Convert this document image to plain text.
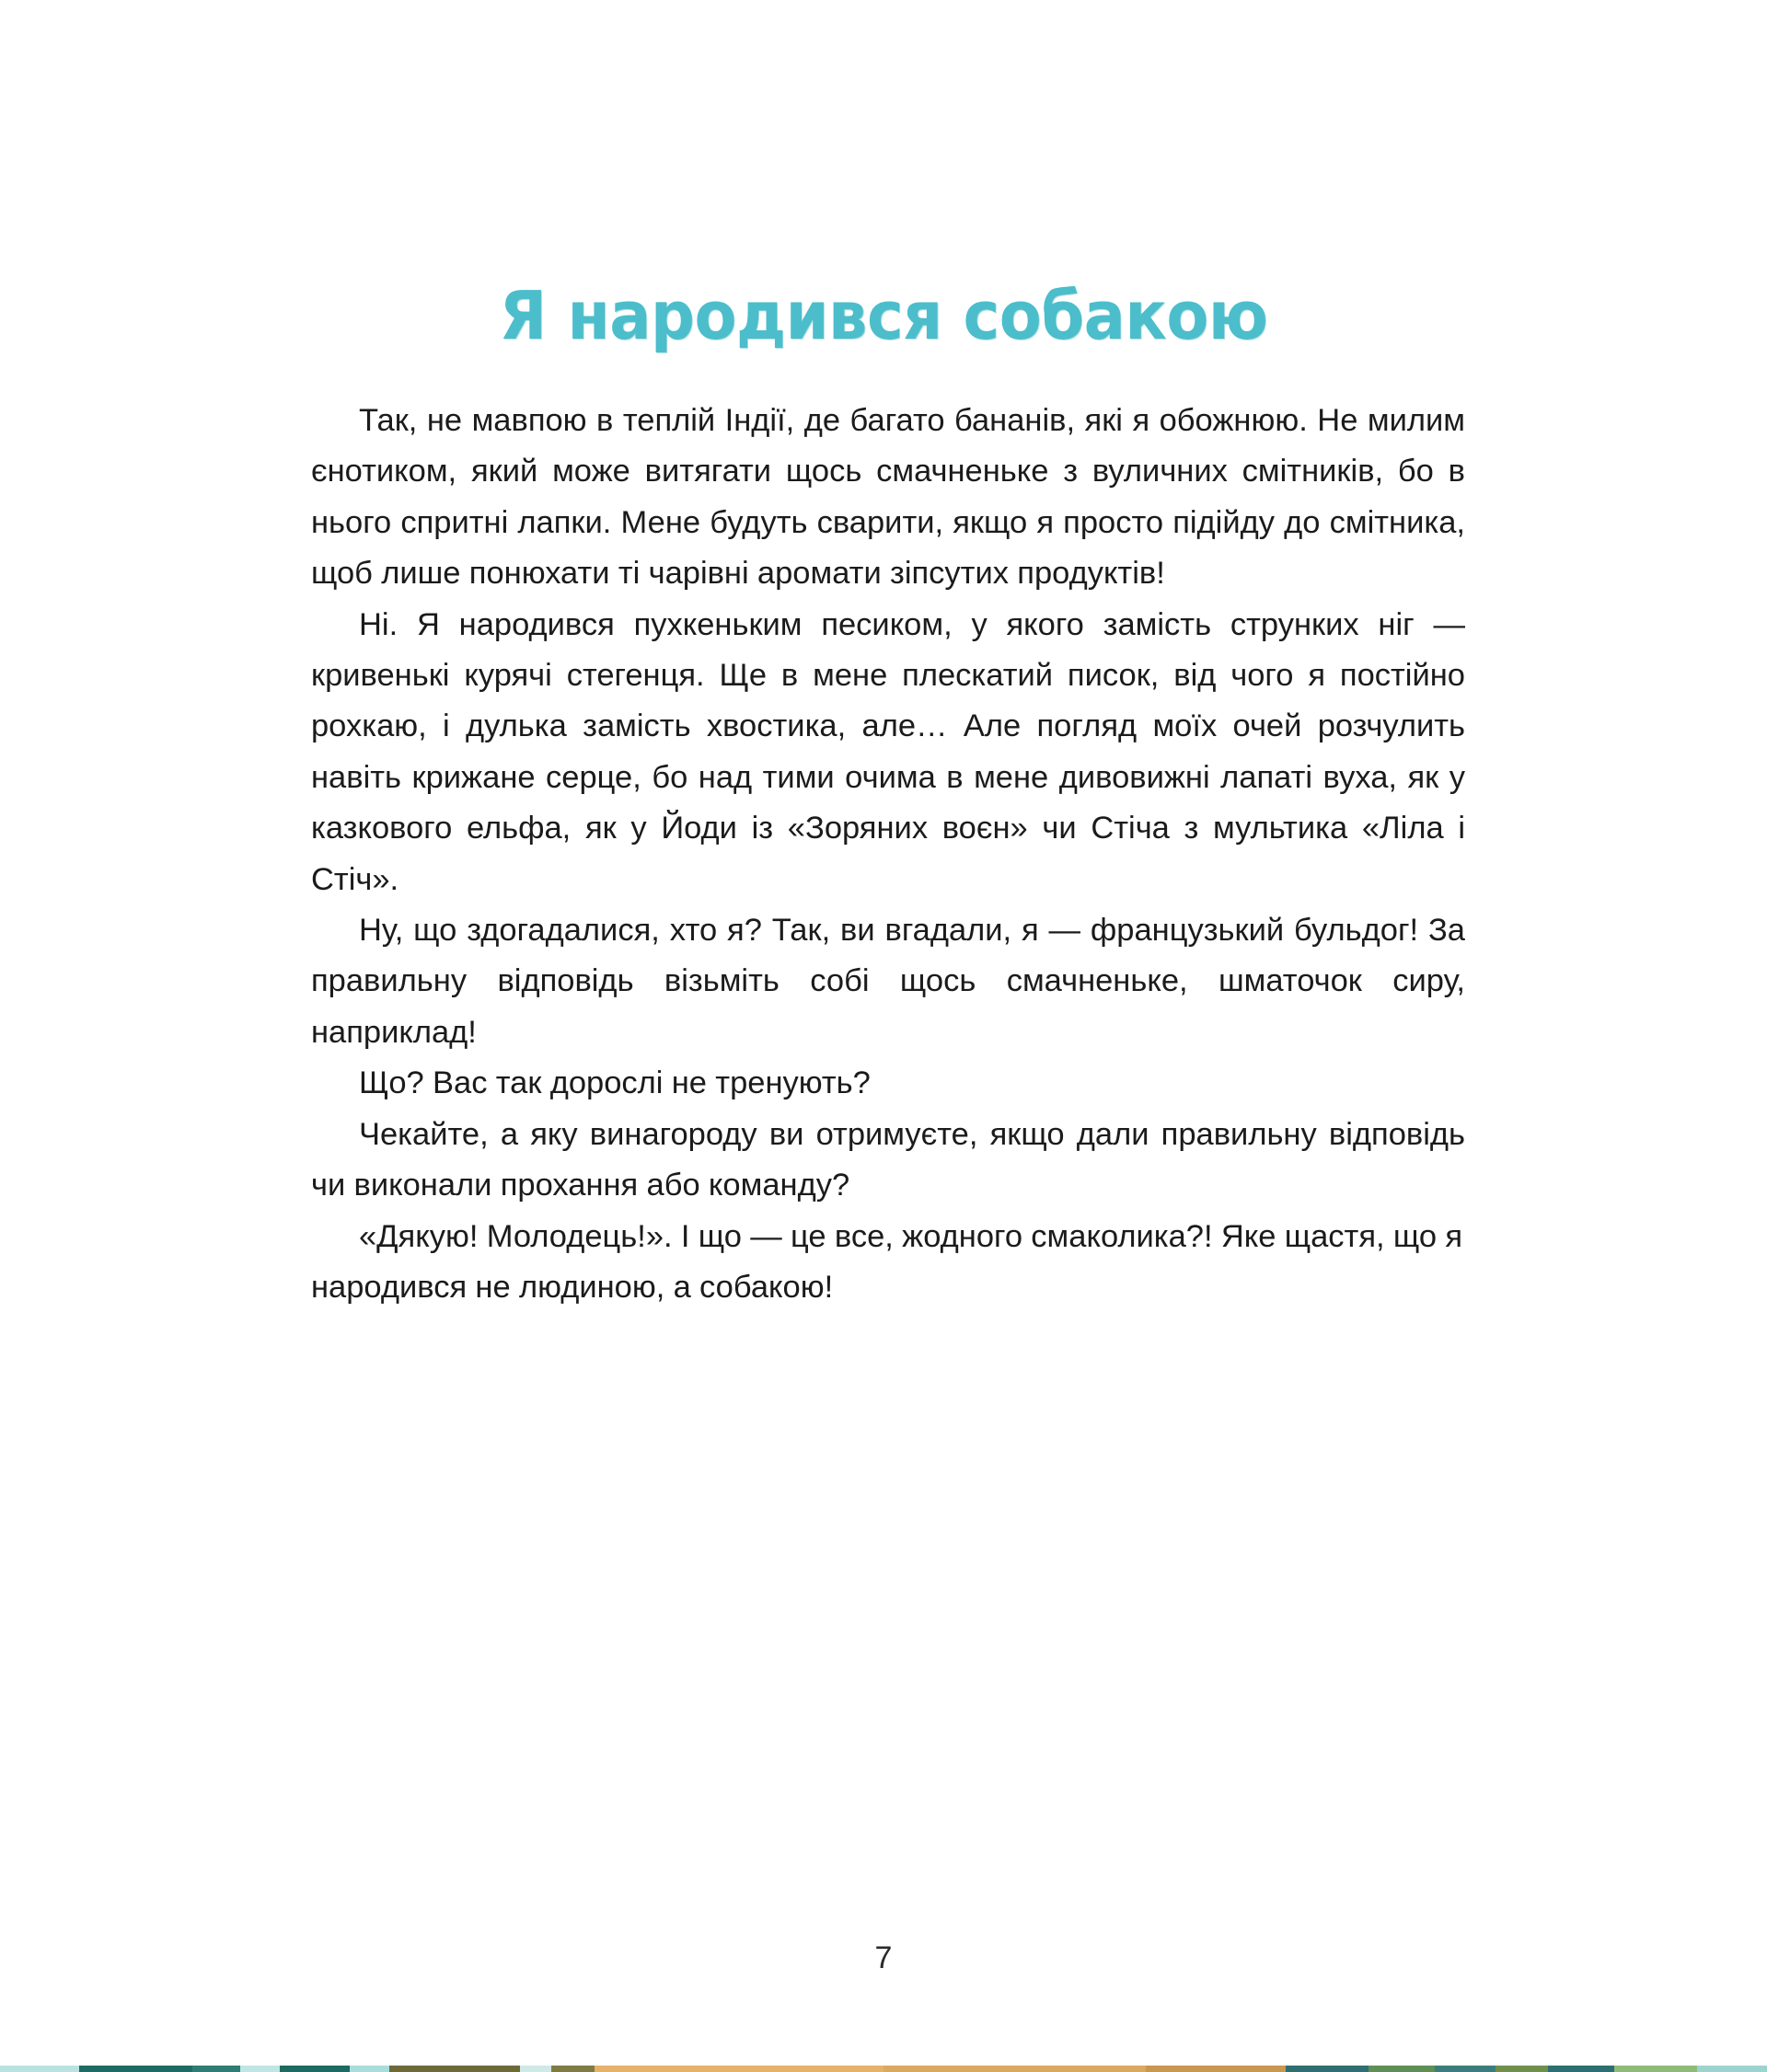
Я народився собакою

Так, не мавпою в теплій Індії, де багато бананів, які я обожнюю. Не милим єнотиком, який може витягати щось смачненьке з вуличних смітників, бо в нього спритні лапки. Мене будуть сварити, якщо я просто підійду до смітника, щоб лише понюхати ті чарівні аромати зіпсутих продуктів!

Ні. Я народився пухкеньким песиком, у якого замість стрункиx ніг — кривенькі курячі стегенця. Ще в мене плескатий писок, від чого я постійно рохкаю, і дулька замість хвостика, але… Але погляд моїх очей розчулить навіть крижане серце, бо над тими очима в мене дивовижні лапаті вуха, як у казкового ельфа, як у Йоди із «Зоряних воєн» чи Стіча з мультика «Ліла і Стіч».

Ну, що здогадалися, хто я? Так, ви вгадали, я — французький бульдог! За правильну відповідь візьміть собі щось смачненьке, шматочок сиру, наприклад!

Що? Вас так дорослі не тренують?

Чекайте, а яку винагороду ви отримуєте, якщо дали правильну відповідь чи виконали прохання або команду?

«Дякую! Молодець!». І що — це все, жодного смаколика?! Яке щастя, що я народився не людиною, а собакою!

7
